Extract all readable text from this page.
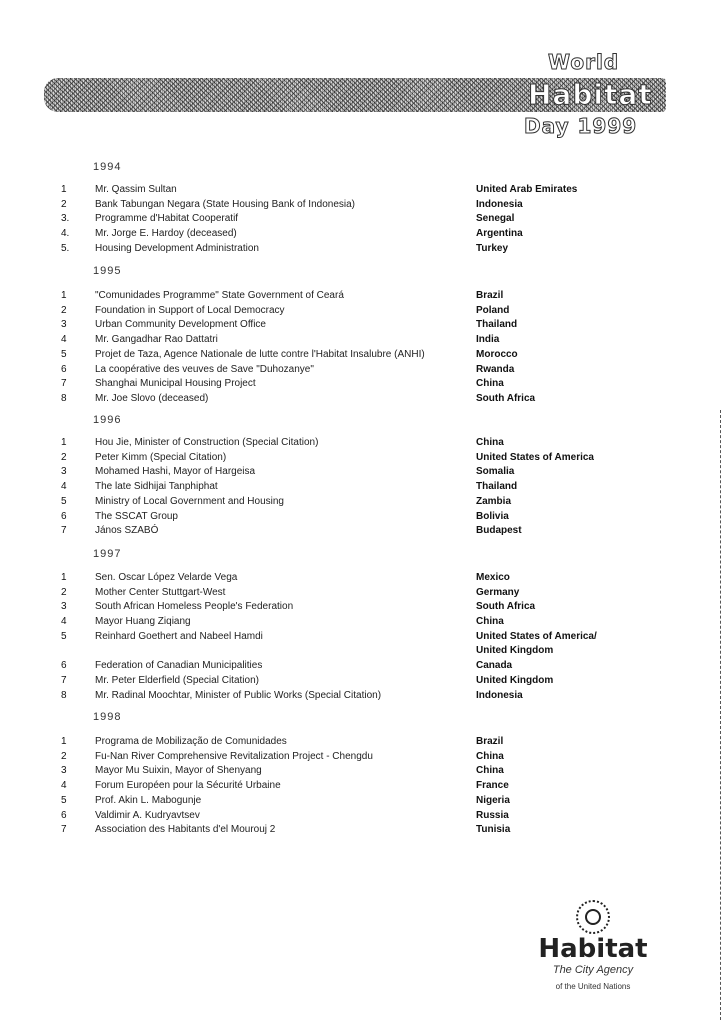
World
Habitat
Day 1999
1994
1	Mr. Qassim Sultan	United Arab Emirates
2	Bank Tabungan Negara (State Housing Bank of Indonesia)	Indonesia
3.	Programme d'Habitat Cooperatif	Senegal
4.	Mr. Jorge E. Hardoy (deceased)	Argentina
5.	Housing Development Administration	Turkey
1995
1	"Comunidades Programme" State Government of Ceará	Brazil
2	Foundation in Support of Local Democracy	Poland
3	Urban Community Development Office	Thailand
4	Mr. Gangadhar Rao Dattatri	India
5	Projet de Taza, Agence Nationale de lutte contre l'Habitat Insalubre (ANHI)	Morocco
6	La coopérative des veuves de Save "Duhozanye"	Rwanda
7	Shanghai Municipal Housing Project	China
8	Mr. Joe Slovo (deceased)	South Africa
1996
1	Hou Jie, Minister of Construction (Special Citation)	China
2	Peter Kimm (Special Citation)	United States of America
3	Mohamed Hashi, Mayor of Hargeisa	Somalia
4	The late Sidhijai Tanphiphat	Thailand
5	Ministry of Local Government and Housing	Zambia
6	The SSCAT Group	Bolivia
7	János SZABÓ	Budapest
1997
1	Sen. Oscar López Velarde Vega	Mexico
2	Mother Center Stuttgart-West	Germany
3	South African Homeless People's Federation	South Africa
4	Mayor Huang Ziqiang	China
5	Reinhard Goethert and Nabeel Hamdi	United States of America/
United Kingdom
6	Federation of Canadian Municipalities	Canada
7	Mr. Peter Elderfield (Special Citation)	United Kingdom
8	Mr. Radinal Moochtar, Minister of Public Works (Special Citation)	Indonesia
1998
1	Programa de Mobilização de Comunidades	Brazil
2	Fu-Nan River Comprehensive Revitalization Project - Chengdu	China
3	Mayor Mu Suixin, Mayor of Shenyang	China
4	Forum Européen pour la Sécurité Urbaine	France
5	Prof. Akin L. Mabogunje	Nigeria
6	Valdimir A. Kudryavtsev	Russia
7	Association des Habitants d'el Mourouj 2	Tunisia
Habitat
The City Agency
of the United Nations
